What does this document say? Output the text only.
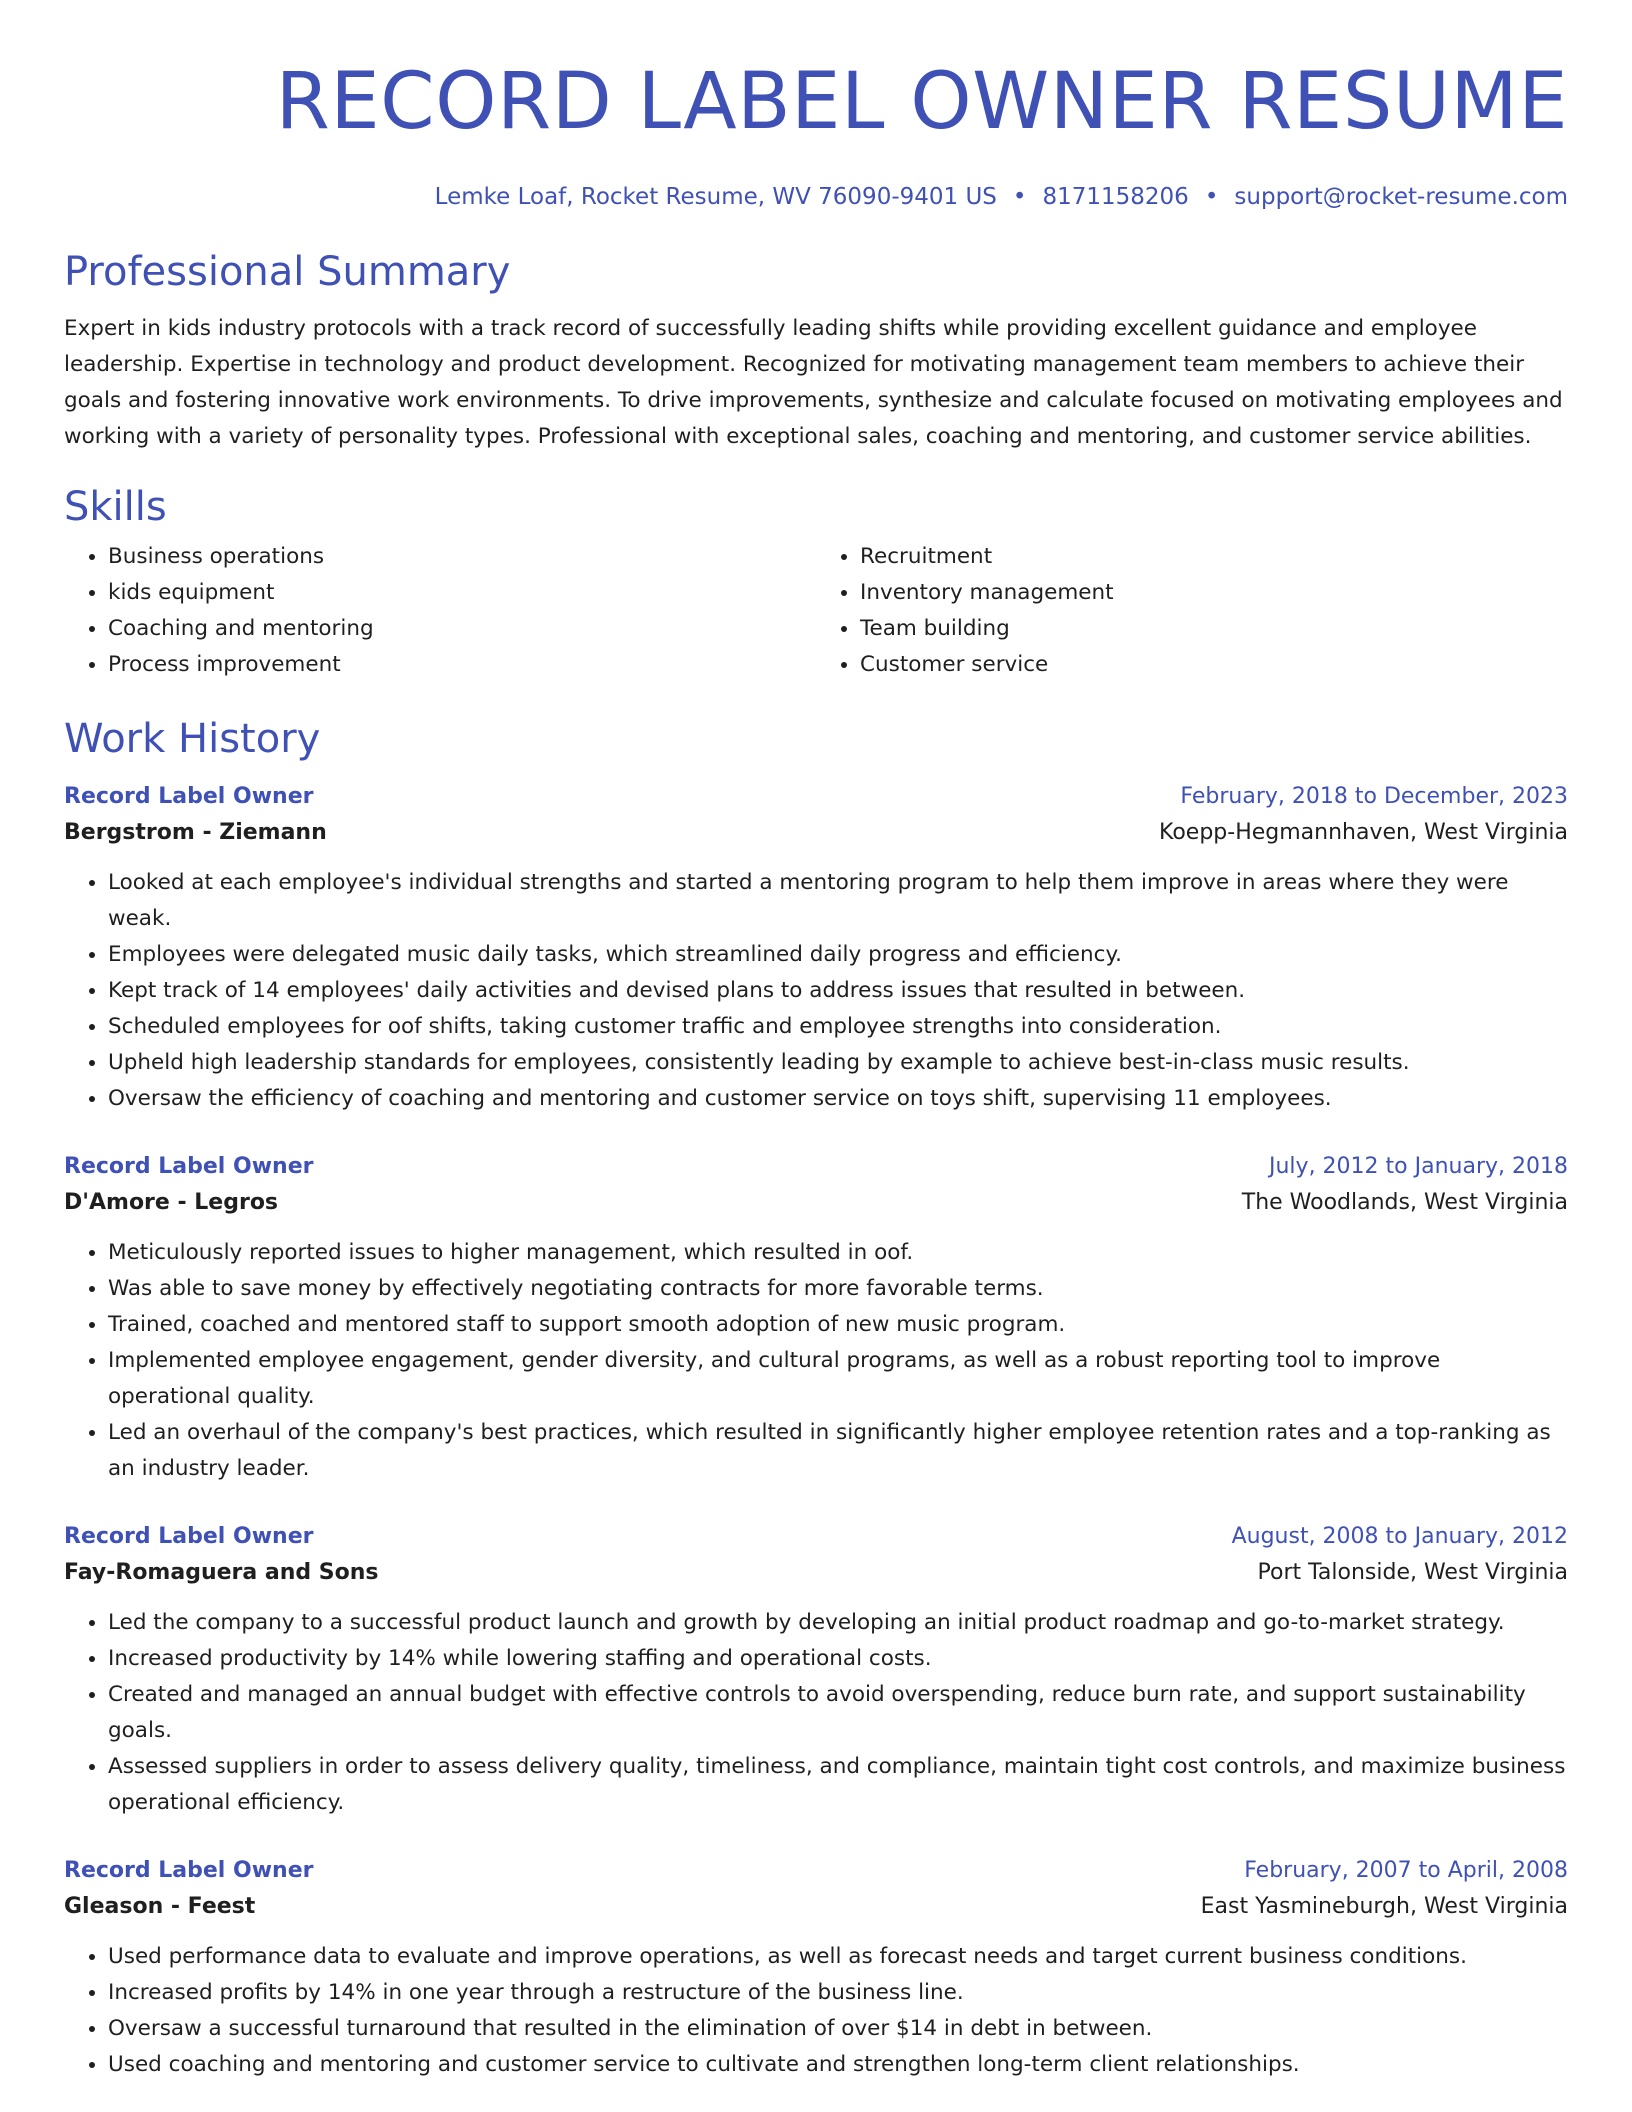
RECORD LABEL OWNER RESUME
Lemke Loaf, Rocket Resume, WV 76090-9401 US • 8171158206 • support@rocket-resume.com
Professional Summary
Expert in kids industry protocols with a track record of successfully leading shifts while providing excellent guidance and employee leadership. Expertise in technology and product development. Recognized for motivating management team members to achieve their goals and fostering innovative work environments. To drive improvements, synthesize and calculate focused on motivating employees and working with a variety of personality types. Professional with exceptional sales, coaching and mentoring, and customer service abilities.
Skills
• Business operations
• kids equipment
• Coaching and mentoring
• Process improvement
• Recruitment
• Inventory management
• Team building
• Customer service
Work History
Record Label Owner	February, 2018 to December, 2023
Bergstrom - Ziemann	Koepp-Hegmannhaven, West Virginia
• Looked at each employee's individual strengths and started a mentoring program to help them improve in areas where they were weak.
• Employees were delegated music daily tasks, which streamlined daily progress and efficiency.
• Kept track of 14 employees' daily activities and devised plans to address issues that resulted in between.
• Scheduled employees for oof shifts, taking customer traffic and employee strengths into consideration.
• Upheld high leadership standards for employees, consistently leading by example to achieve best-in-class music results.
• Oversaw the efficiency of coaching and mentoring and customer service on toys shift, supervising 11 employees.
Record Label Owner	July, 2012 to January, 2018
D'Amore - Legros	The Woodlands, West Virginia
• Meticulously reported issues to higher management, which resulted in oof.
• Was able to save money by effectively negotiating contracts for more favorable terms.
• Trained, coached and mentored staff to support smooth adoption of new music program.
• Implemented employee engagement, gender diversity, and cultural programs, as well as a robust reporting tool to improve operational quality.
• Led an overhaul of the company's best practices, which resulted in significantly higher employee retention rates and a top-ranking as an industry leader.
Record Label Owner	August, 2008 to January, 2012
Fay-Romaguera and Sons	Port Talonside, West Virginia
• Led the company to a successful product launch and growth by developing an initial product roadmap and go-to-market strategy.
• Increased productivity by 14% while lowering staffing and operational costs.
• Created and managed an annual budget with effective controls to avoid overspending, reduce burn rate, and support sustainability goals.
• Assessed suppliers in order to assess delivery quality, timeliness, and compliance, maintain tight cost controls, and maximize business operational efficiency.
Record Label Owner	February, 2007 to April, 2008
Gleason - Feest	East Yasmineburgh, West Virginia
• Used performance data to evaluate and improve operations, as well as forecast needs and target current business conditions.
• Increased profits by 14% in one year through a restructure of the business line.
• Oversaw a successful turnaround that resulted in the elimination of over $14 in debt in between.
• Used coaching and mentoring and customer service to cultivate and strengthen long-term client relationships.
